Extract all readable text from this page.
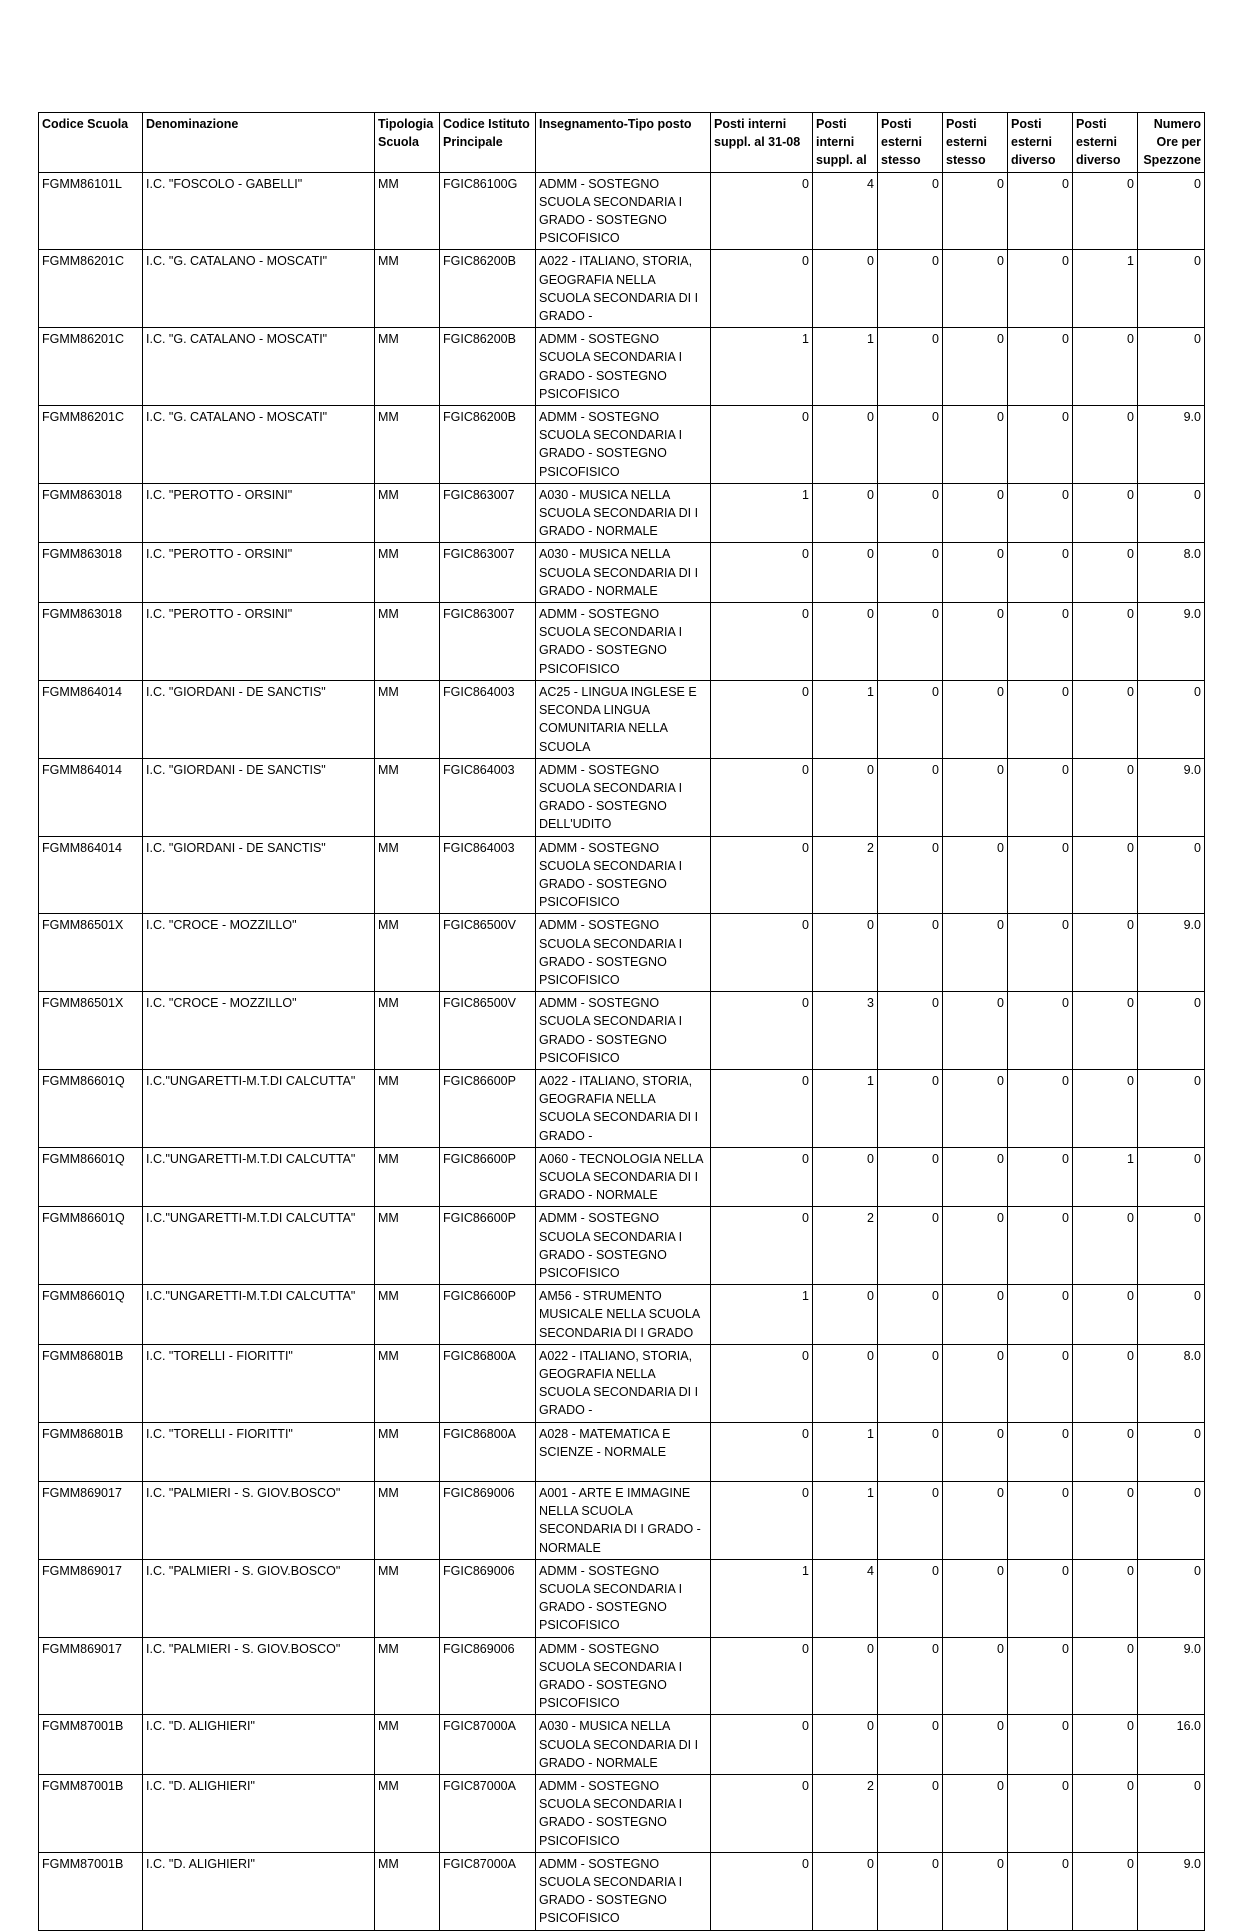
Codice Scuola	Denominazione	Tipologia Scuola	Codice Istituto Principale	Insegnamento-Tipo posto	Posti interni suppl. al 31-08	Posti interni suppl. al	Posti esterni stesso	Posti esterni stesso	Posti esterni diverso	Posti esterni diverso	Numero Ore per Spezzone
FGMM86101L	I.C. "FOSCOLO - GABELLI"	MM	FGIC86100G	ADMM - SOSTEGNO SCUOLA SECONDARIA I GRADO - SOSTEGNO PSICOFISICO	0	4	0	0	0	0	0
FGMM86201C	I.C. "G. CATALANO - MOSCATI"	MM	FGIC86200B	A022 - ITALIANO, STORIA, GEOGRAFIA NELLA SCUOLA SECONDARIA DI I GRADO -	0	0	0	0	0	1	0
FGMM86201C	I.C. "G. CATALANO - MOSCATI"	MM	FGIC86200B	ADMM - SOSTEGNO SCUOLA SECONDARIA I GRADO - SOSTEGNO PSICOFISICO	1	1	0	0	0	0	0
FGMM86201C	I.C. "G. CATALANO - MOSCATI"	MM	FGIC86200B	ADMM - SOSTEGNO SCUOLA SECONDARIA I GRADO - SOSTEGNO PSICOFISICO	0	0	0	0	0	0	9.0
FGMM863018	I.C. "PEROTTO - ORSINI"	MM	FGIC863007	A030 - MUSICA NELLA SCUOLA SECONDARIA DI I GRADO - NORMALE	1	0	0	0	0	0	0
FGMM863018	I.C. "PEROTTO - ORSINI"	MM	FGIC863007	A030 - MUSICA NELLA SCUOLA SECONDARIA DI I GRADO - NORMALE	0	0	0	0	0	0	8.0
FGMM863018	I.C. "PEROTTO - ORSINI"	MM	FGIC863007	ADMM - SOSTEGNO SCUOLA SECONDARIA I GRADO - SOSTEGNO PSICOFISICO	0	0	0	0	0	0	9.0
FGMM864014	I.C. "GIORDANI - DE SANCTIS"	MM	FGIC864003	AC25 - LINGUA INGLESE E SECONDA LINGUA COMUNITARIA NELLA SCUOLA	0	1	0	0	0	0	0
FGMM864014	I.C. "GIORDANI - DE SANCTIS"	MM	FGIC864003	ADMM - SOSTEGNO SCUOLA SECONDARIA I GRADO - SOSTEGNO DELL'UDITO	0	0	0	0	0	0	9.0
FGMM864014	I.C. "GIORDANI - DE SANCTIS"	MM	FGIC864003	ADMM - SOSTEGNO SCUOLA SECONDARIA I GRADO - SOSTEGNO PSICOFISICO	0	2	0	0	0	0	0
FGMM86501X	I.C. "CROCE - MOZZILLO"	MM	FGIC86500V	ADMM - SOSTEGNO SCUOLA SECONDARIA I GRADO - SOSTEGNO PSICOFISICO	0	0	0	0	0	0	9.0
FGMM86501X	I.C. "CROCE - MOZZILLO"	MM	FGIC86500V	ADMM - SOSTEGNO SCUOLA SECONDARIA I GRADO - SOSTEGNO PSICOFISICO	0	3	0	0	0	0	0
FGMM86601Q	I.C."UNGARETTI-M.T.DI CALCUTTA"	MM	FGIC86600P	A022 - ITALIANO, STORIA, GEOGRAFIA NELLA SCUOLA SECONDARIA DI I GRADO -	0	1	0	0	0	0	0
FGMM86601Q	I.C."UNGARETTI-M.T.DI CALCUTTA"	MM	FGIC86600P	A060 - TECNOLOGIA NELLA SCUOLA SECONDARIA DI I GRADO - NORMALE	0	0	0	0	0	1	0
FGMM86601Q	I.C."UNGARETTI-M.T.DI CALCUTTA"	MM	FGIC86600P	ADMM - SOSTEGNO SCUOLA SECONDARIA I GRADO - SOSTEGNO PSICOFISICO	0	2	0	0	0	0	0
FGMM86601Q	I.C."UNGARETTI-M.T.DI CALCUTTA"	MM	FGIC86600P	AM56 - STRUMENTO MUSICALE NELLA SCUOLA SECONDARIA DI I GRADO	1	0	0	0	0	0	0
FGMM86801B	I.C. "TORELLI - FIORITTI"	MM	FGIC86800A	A022 - ITALIANO, STORIA, GEOGRAFIA NELLA SCUOLA SECONDARIA DI I GRADO -	0	0	0	0	0	0	8.0
FGMM86801B	I.C. "TORELLI - FIORITTI"	MM	FGIC86800A	A028 - MATEMATICA E SCIENZE - NORMALE	0	1	0	0	0	0	0
FGMM869017	I.C. "PALMIERI - S. GIOV.BOSCO"	MM	FGIC869006	A001 - ARTE E IMMAGINE NELLA SCUOLA SECONDARIA DI I GRADO - NORMALE	0	1	0	0	0	0	0
FGMM869017	I.C. "PALMIERI - S. GIOV.BOSCO"	MM	FGIC869006	ADMM - SOSTEGNO SCUOLA SECONDARIA I GRADO - SOSTEGNO PSICOFISICO	1	4	0	0	0	0	0
FGMM869017	I.C. "PALMIERI - S. GIOV.BOSCO"	MM	FGIC869006	ADMM - SOSTEGNO SCUOLA SECONDARIA I GRADO - SOSTEGNO PSICOFISICO	0	0	0	0	0	0	9.0
FGMM87001B	I.C. "D. ALIGHIERI"	MM	FGIC87000A	A030 - MUSICA NELLA SCUOLA SECONDARIA DI I GRADO - NORMALE	0	0	0	0	0	0	16.0
FGMM87001B	I.C. "D. ALIGHIERI"	MM	FGIC87000A	ADMM - SOSTEGNO SCUOLA SECONDARIA I GRADO - SOSTEGNO PSICOFISICO	0	2	0	0	0	0	0
FGMM87001B	I.C. "D. ALIGHIERI"	MM	FGIC87000A	ADMM - SOSTEGNO SCUOLA SECONDARIA I GRADO - SOSTEGNO PSICOFISICO	0	0	0	0	0	0	9.0
